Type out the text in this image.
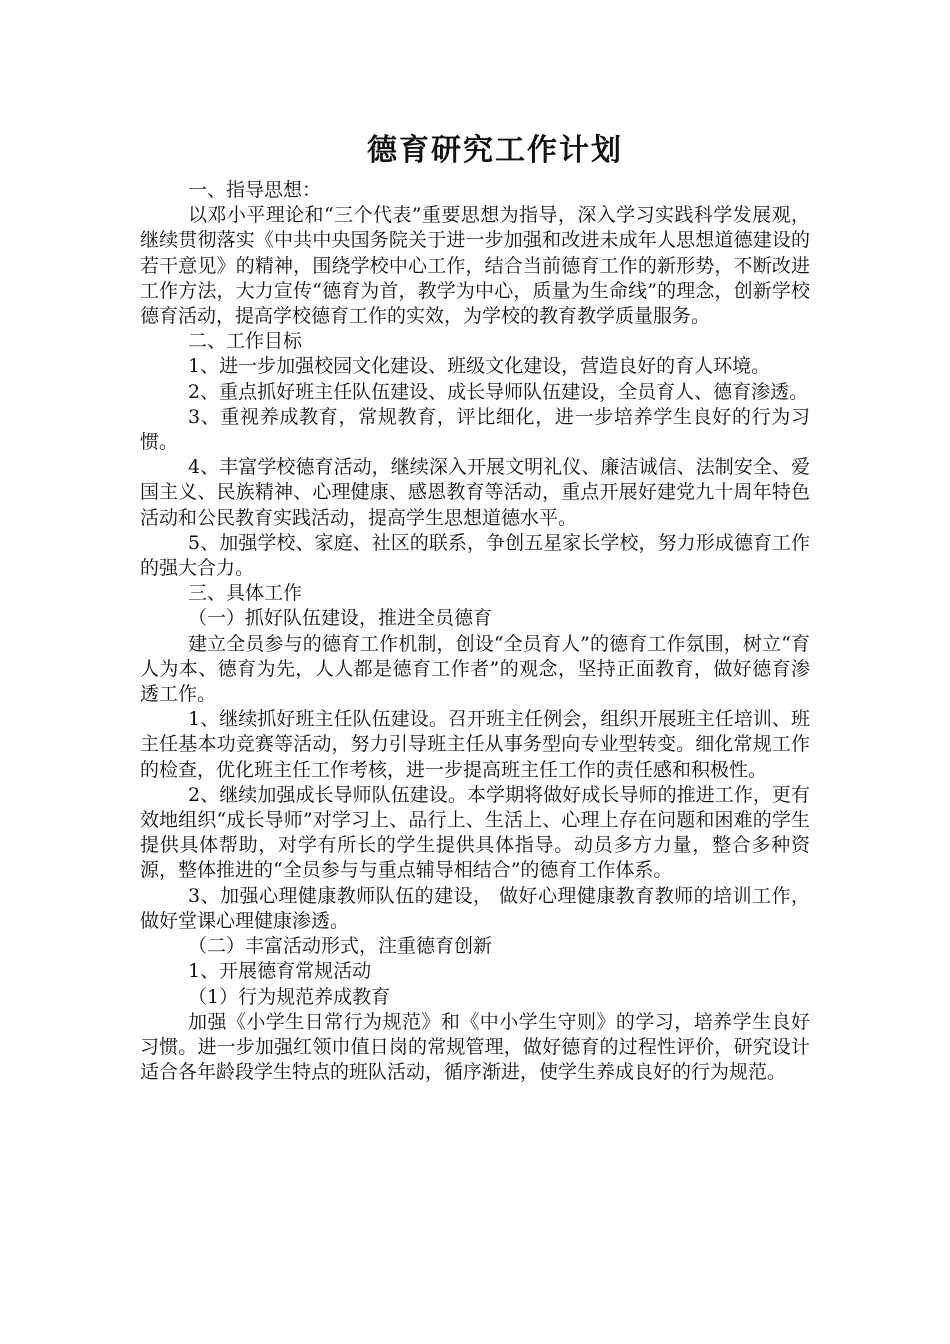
德育研究工作计划

一、指导思想：

以邓小平理论和“三个代表”重要思想为指导，深入学习实践科学发展观，继续贯彻落实《中共中央国务院关于进一步加强和改进未成年人思想道德建设的若干意见》的精神，围绕学校中心工作，结合当前德育工作的新形势，不断改进工作方法，大力宣传“德育为首，教学为中心，质量为生命线”的理念，创新学校德育活动，提高学校德育工作的实效，为学校的教育教学质量服务。

二、工作目标

1、进一步加强校园文化建设、班级文化建设，营造良好的育人环境。

2、重点抓好班主任队伍建设、成长导师队伍建设，全员育人、德育渗透。

3、重视养成教育，常规教育，评比细化，进一步培养学生良好的行为习惯。

4、丰富学校德育活动，继续深入开展文明礼仪、廉洁诚信、法制安全、爱国主义、民族精神、心理健康、感恩教育等活动，重点开展好建党九十周年特色活动和公民教育实践活动，提高学生思想道德水平。

5、加强学校、家庭、社区的联系，争创五星家长学校，努力形成德育工作的强大合力。

三、具体工作

（一）抓好队伍建设，推进全员德育

建立全员参与的德育工作机制，创设“全员育人”的德育工作氛围，树立“育人为本、德育为先，人人都是德育工作者”的观念，坚持正面教育，做好德育渗透工作。

1、继续抓好班主任队伍建设。召开班主任例会，组织开展班主任培训、班主任基本功竞赛等活动，努力引导班主任从事务型向专业型转变。细化常规工作的检查，优化班主任工作考核，进一步提高班主任工作的责任感和积极性。

2、继续加强成长导师队伍建设。本学期将做好成长导师的推进工作，更有效地组织“成长导师”对学习上、品行上、生活上、心理上存在问题和困难的学生提供具体帮助，对学有所长的学生提供具体指导。动员多方力量，整合多种资源，整体推进的“全员参与与重点辅导相结合”的德育工作体系。

3、加强心理健康教师队伍的建设， 做好心理健康教育教师的培训工作，做好堂课心理健康渗透。

（二）丰富活动形式，注重德育创新

1、开展德育常规活动

（1）行为规范养成教育

加强《小学生日常行为规范》和《中小学生守则》的学习，培养学生良好习惯。进一步加强红领巾值日岗的常规管理，做好德育的过程性评价，研究设计适合各年龄段学生特点的班队活动，循序渐进，使学生养成良好的行为规范。
